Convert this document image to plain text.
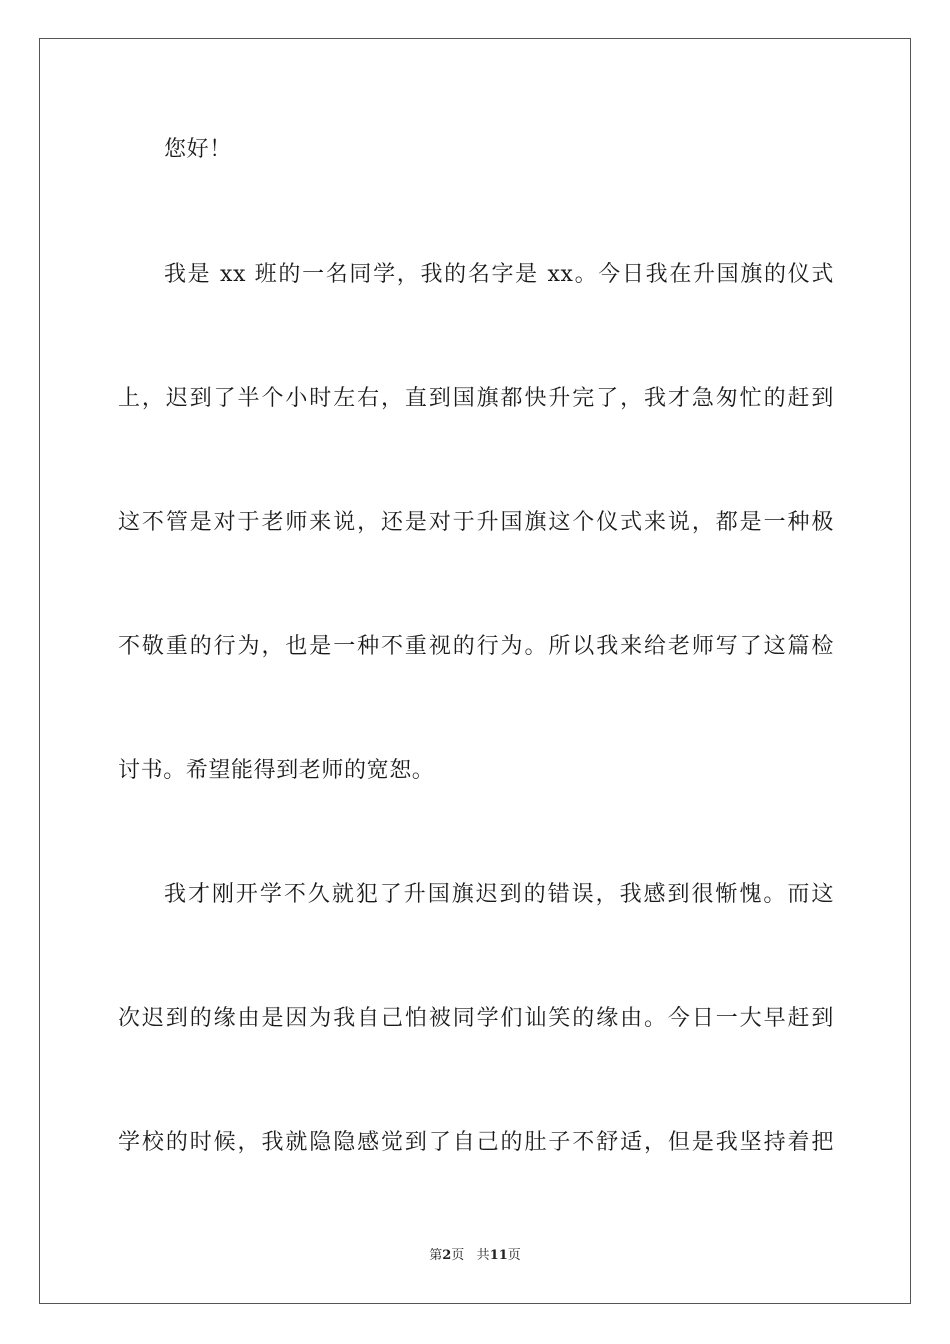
您好！
我是 xx 班的一名同学，我的名字是 xx。今日我在升国旗的仪式
上，迟到了半个小时左右，直到国旗都快升完了，我才急匆忙的赶到
这不管是对于老师来说，还是对于升国旗这个仪式来说，都是一种极
不敬重的行为，也是一种不重视的行为。所以我来给老师写了这篇检
讨书。希望能得到老师的宽恕。
我才刚开学不久就犯了升国旗迟到的错误，我感到很惭愧。而这
次迟到的缘由是因为我自己怕被同学们讪笑的缘由。今日一大早赶到
学校的时候，我就隐隐感觉到了自己的肚子不舒适，但是我坚持着把
第2页 共11页
